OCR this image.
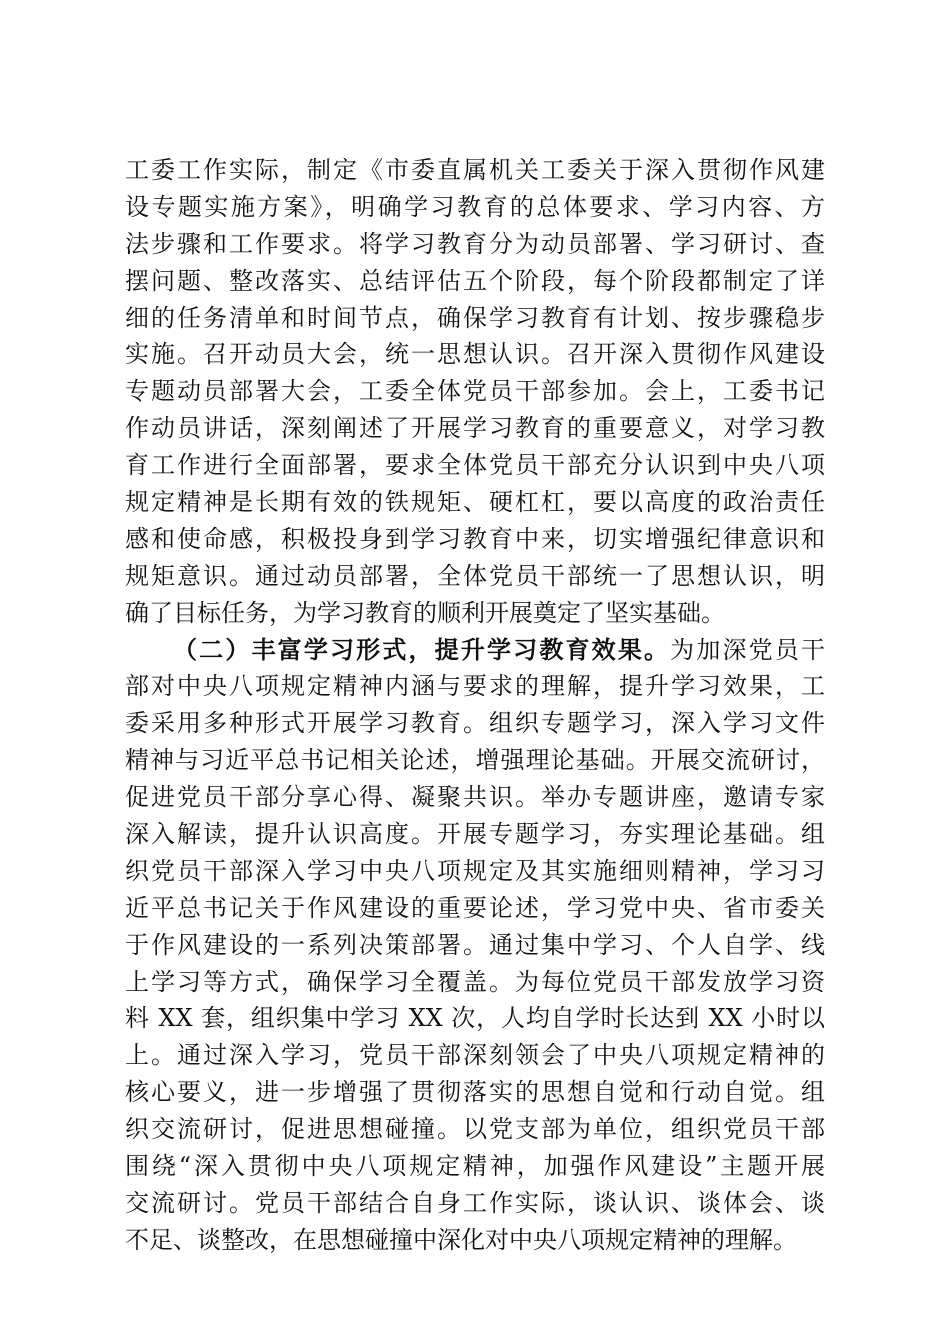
工委工作实际，制定《市委直属机关工委关于深入贯彻作风建
设专题实施方案》，明确学习教育的总体要求、学习内容、方
法步骤和工作要求。将学习教育分为动员部署、学习研讨、查
摆问题、整改落实、总结评估五个阶段，每个阶段都制定了详
细的任务清单和时间节点，确保学习教育有计划、按步骤稳步
实施。召开动员大会，统一思想认识。召开深入贯彻作风建设
专题动员部署大会，工委全体党员干部参加。会上，工委书记
作动员讲话，深刻阐述了开展学习教育的重要意义，对学习教
育工作进行全面部署，要求全体党员干部充分认识到中央八项
规定精神是长期有效的铁规矩、硬杠杠，要以高度的政治责任
感和使命感，积极投身到学习教育中来，切实增强纪律意识和
规矩意识。通过动员部署，全体党员干部统一了思想认识，明
确了目标任务，为学习教育的顺利开展奠定了坚实基础。
（二）丰富学习形式，提升学习教育效果。为加深党员干
部对中央八项规定精神内涵与要求的理解，提升学习效果，工
委采用多种形式开展学习教育。组织专题学习，深入学习文件
精神与习近平总书记相关论述，增强理论基础。开展交流研讨，
促进党员干部分享心得、凝聚共识。举办专题讲座，邀请专家
深入解读，提升认识高度。开展专题学习，夯实理论基础。组
织党员干部深入学习中央八项规定及其实施细则精神，学习习
近平总书记关于作风建设的重要论述，学习党中央、省市委关
于作风建设的一系列决策部署。通过集中学习、个人自学、线
上学习等方式，确保学习全覆盖。为每位党员干部发放学习资
料 XX 套，组织集中学习 XX 次，人均自学时长达到 XX 小时以
上。通过深入学习，党员干部深刻领会了中央八项规定精神的
核心要义，进一步增强了贯彻落实的思想自觉和行动自觉。组
织交流研讨，促进思想碰撞。以党支部为单位，组织党员干部
围绕“深入贯彻中央八项规定精神，加强作风建设”主题开展
交流研讨。党员干部结合自身工作实际，谈认识、谈体会、谈
不足、谈整改，在思想碰撞中深化对中央八项规定精神的理解。
